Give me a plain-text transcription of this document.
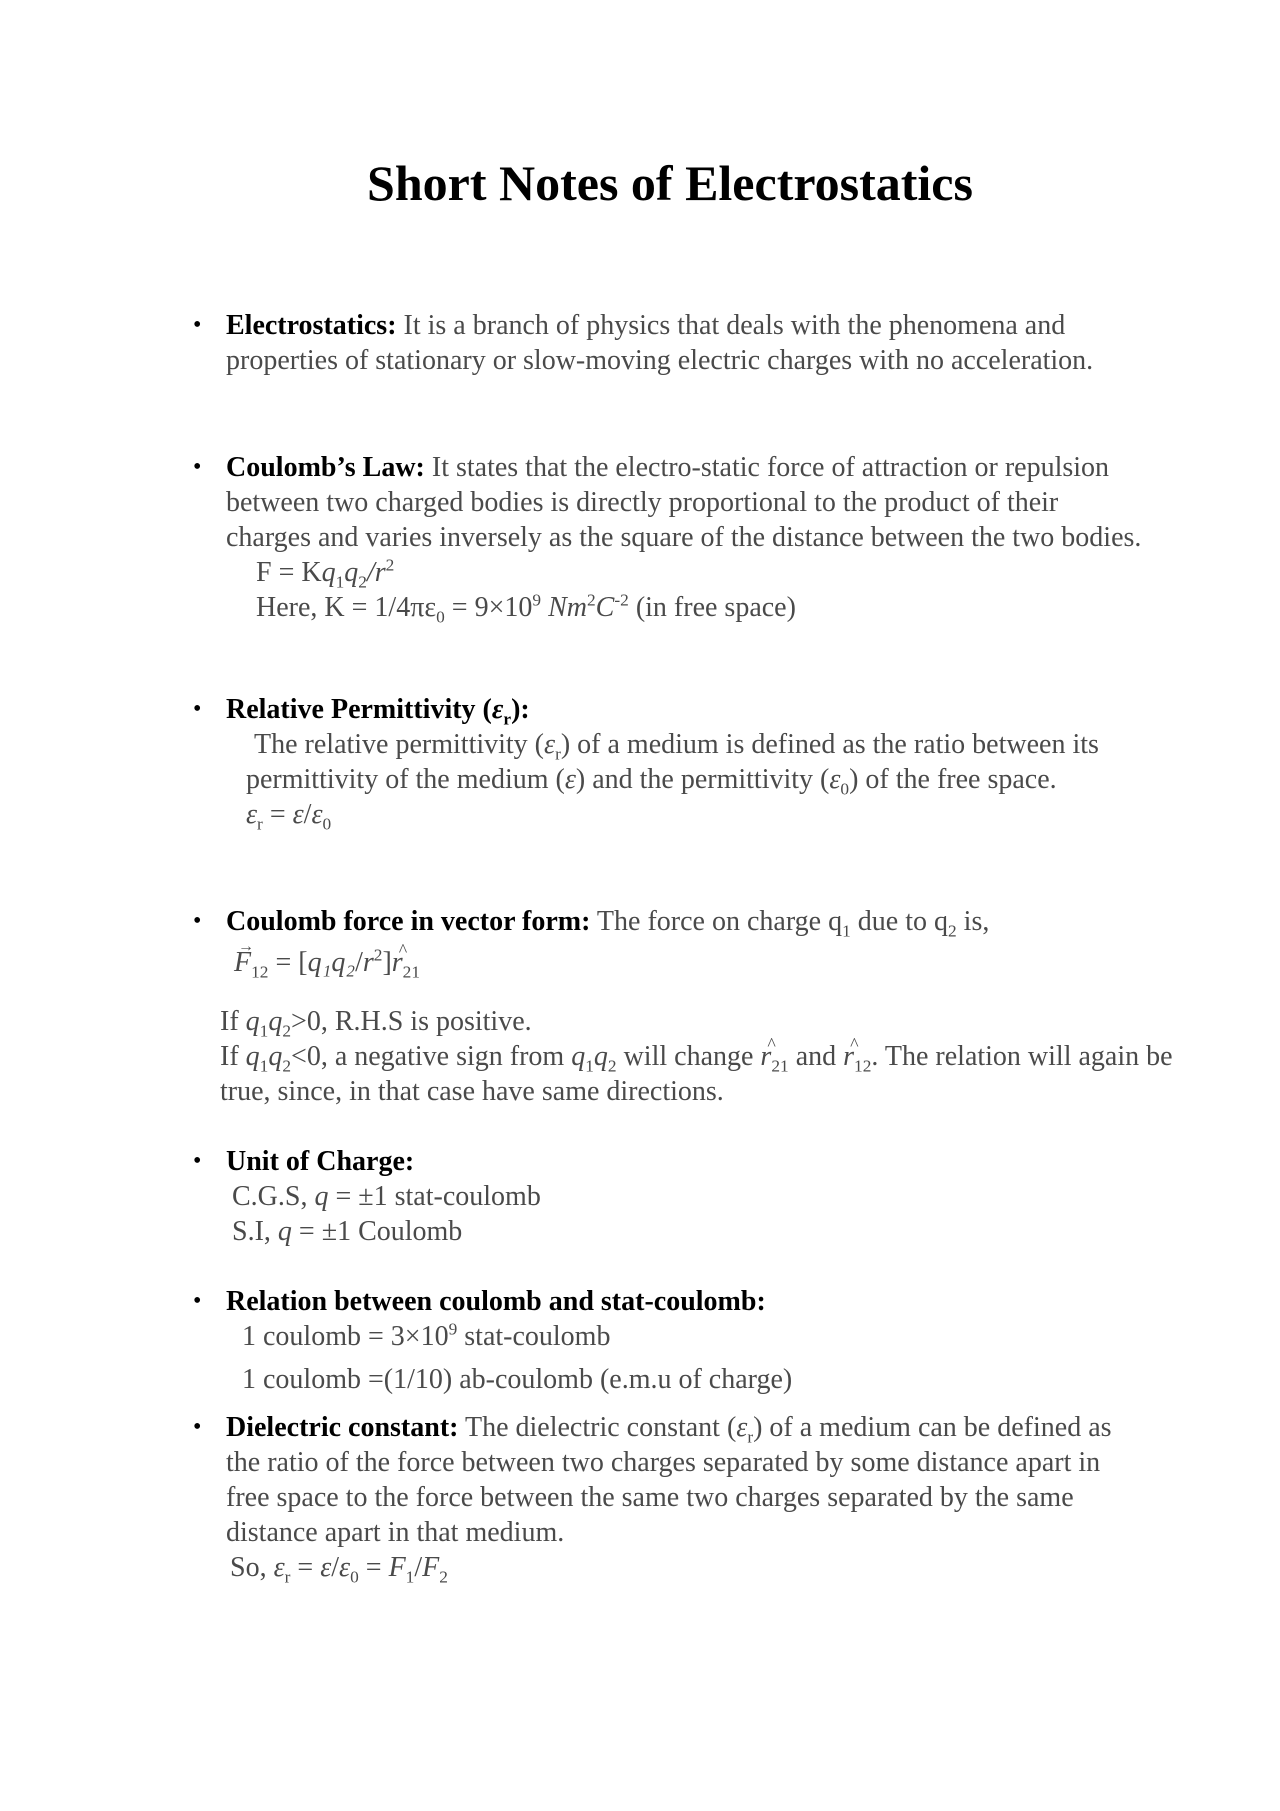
Short Notes of Electrostatics
• Electrostatics: It is a branch of physics that deals with the phenomena and properties of stationary or slow-moving electric charges with no acceleration.
• Coulomb’s Law: It states that the electro-static force of attraction or repulsion between two charged bodies is directly proportional to the product of their charges and varies inversely as the square of the distance between the two bodies.
$F = Kq_1q_2/r^2$
Here, $K = 1/4\pi\varepsilon_0 = 9\times 10^9$ $Nm^2C^{-2}$ (in free space)
• Relative Permittivity $(\varepsilon_r)$:
The relative permittivity $(\varepsilon_r)$ of a medium is defined as the ratio between its permittivity of the medium (ε) and the permittivity $(\varepsilon_0)$ of the free space.
$\varepsilon_r = \varepsilon/\varepsilon_0$
• Coulomb force in vector form: The force on charge $q_1$ due to $q_2$ is,
→ $F_{12}$ = $[q_1q_2/r^2]\^{}$ $r_{21}$
If $q_1q_2>0$, R.H.S is positive.
If $q_1q_2<0$, a negative sign from $q_1q_2$ will change ^ $r_{21}$ and ^ $r_{12}$. The relation will again be true, since, in that case have same directions.
• Unit of Charge:
C.G.S, q = ±1 stat-coulomb
S.I, q = ±1 Coulomb
• Relation between coulomb and stat-coulomb:
1 coulomb = $3\times 10^9$ stat-coulomb
1 coulomb =(1/10) ab-coulomb (e.m.u of charge)
• Dielectric constant: The dielectric constant $(\varepsilon_r)$ of a medium can be defined as the ratio of the force between two charges separated by some distance apart in free space to the force between the same two charges separated by the same distance apart in that medium.
So, $\varepsilon_r = \varepsilon/\varepsilon_0 = F_1/F_2$
